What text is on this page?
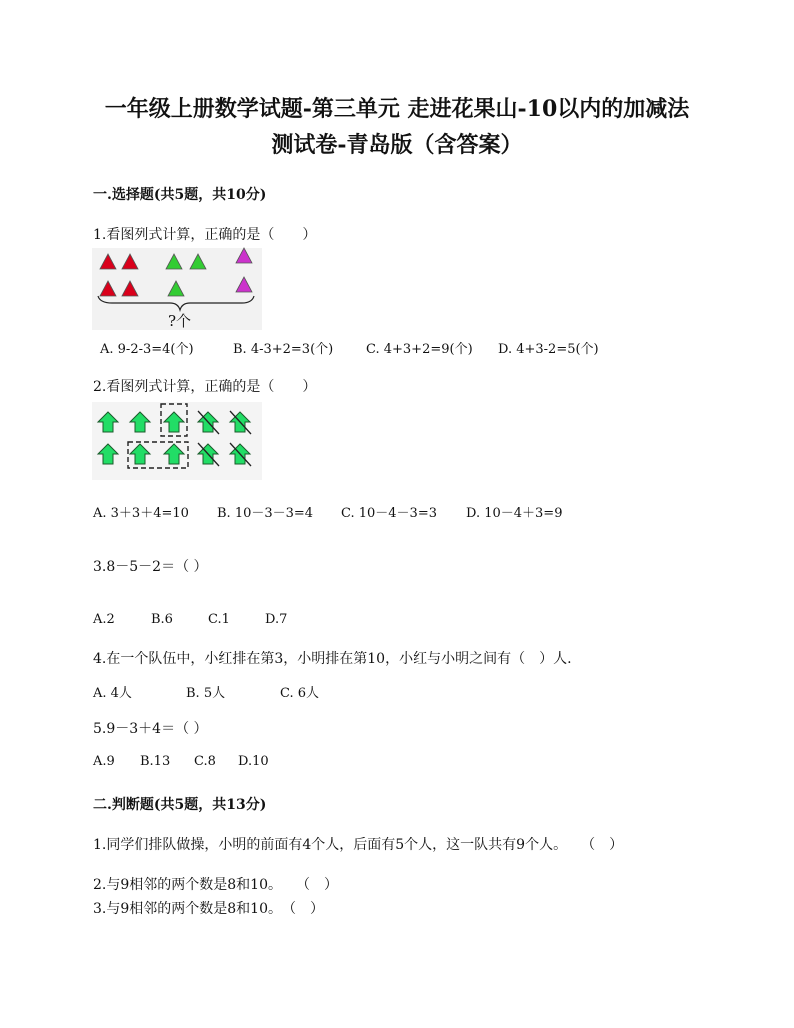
一年级上册数学试题-第三单元 走进花果山-10以内的加减法
测试卷-青岛版（含答案）
一.选择题(共5题，共10分)
1.看图列式计算，正确的是（　　）
?个
A. 9-2-3=4(个)	B. 4-3+2=3(个)	C. 4+3+2=9(个) D. 4+3-2=5(个)
2.看图列式计算，正确的是（　　）
A. 3＋3＋4=10 B. 10－3－3=4 C. 10－4－3=3 D. 10－4＋3=9
3.8－5－2＝（ ）
A.2	B.6	C.1	D.7
4.在一个队伍中，小红排在第3，小明排在第10，小红与小明之间有（　）人.
A. 4人	B. 5人	C. 6人
5.9－3＋4＝（ ）
A.9 B.13 C.8 D.10
二.判断题(共5题，共13分)
1.同学们排队做操，小明的前面有4个人，后面有5个人，这一队共有9个人。　　（　）
2.与9相邻的两个数是8和10。　　（　）
3.与9相邻的两个数是8和10。　（　）
